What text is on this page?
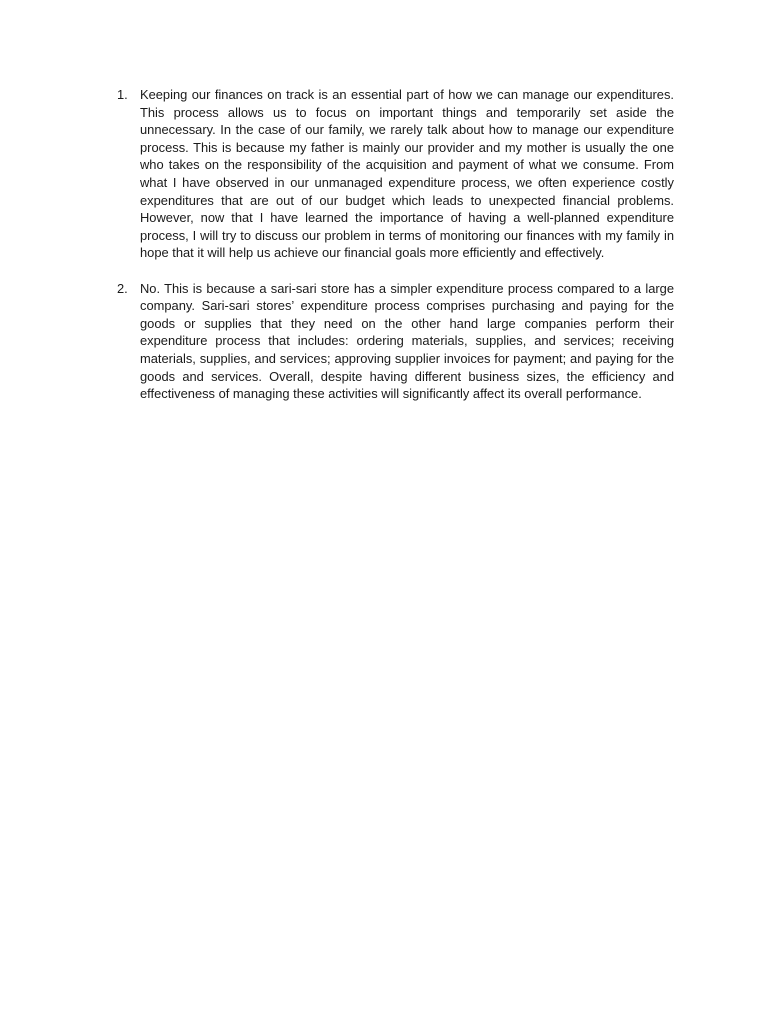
1. Keeping our finances on track is an essential part of how we can manage our expenditures. This process allows us to focus on important things and temporarily set aside the unnecessary. In the case of our family, we rarely talk about how to manage our expenditure process. This is because my father is mainly our provider and my mother is usually the one who takes on the responsibility of the acquisition and payment of what we consume. From what I have observed in our unmanaged expenditure process, we often experience costly expenditures that are out of our budget which leads to unexpected financial problems. However, now that I have learned the importance of having a well-planned expenditure process, I will try to discuss our problem in terms of monitoring our finances with my family in hope that it will help us achieve our financial goals more efficiently and effectively.
2. No. This is because a sari-sari store has a simpler expenditure process compared to a large company. Sari-sari stores’ expenditure process comprises purchasing and paying for the goods or supplies that they need on the other hand large companies perform their expenditure process that includes: ordering materials, supplies, and services; receiving materials, supplies, and services; approving supplier invoices for payment; and paying for the goods and services. Overall, despite having different business sizes, the efficiency and effectiveness of managing these activities will significantly affect its overall performance.
